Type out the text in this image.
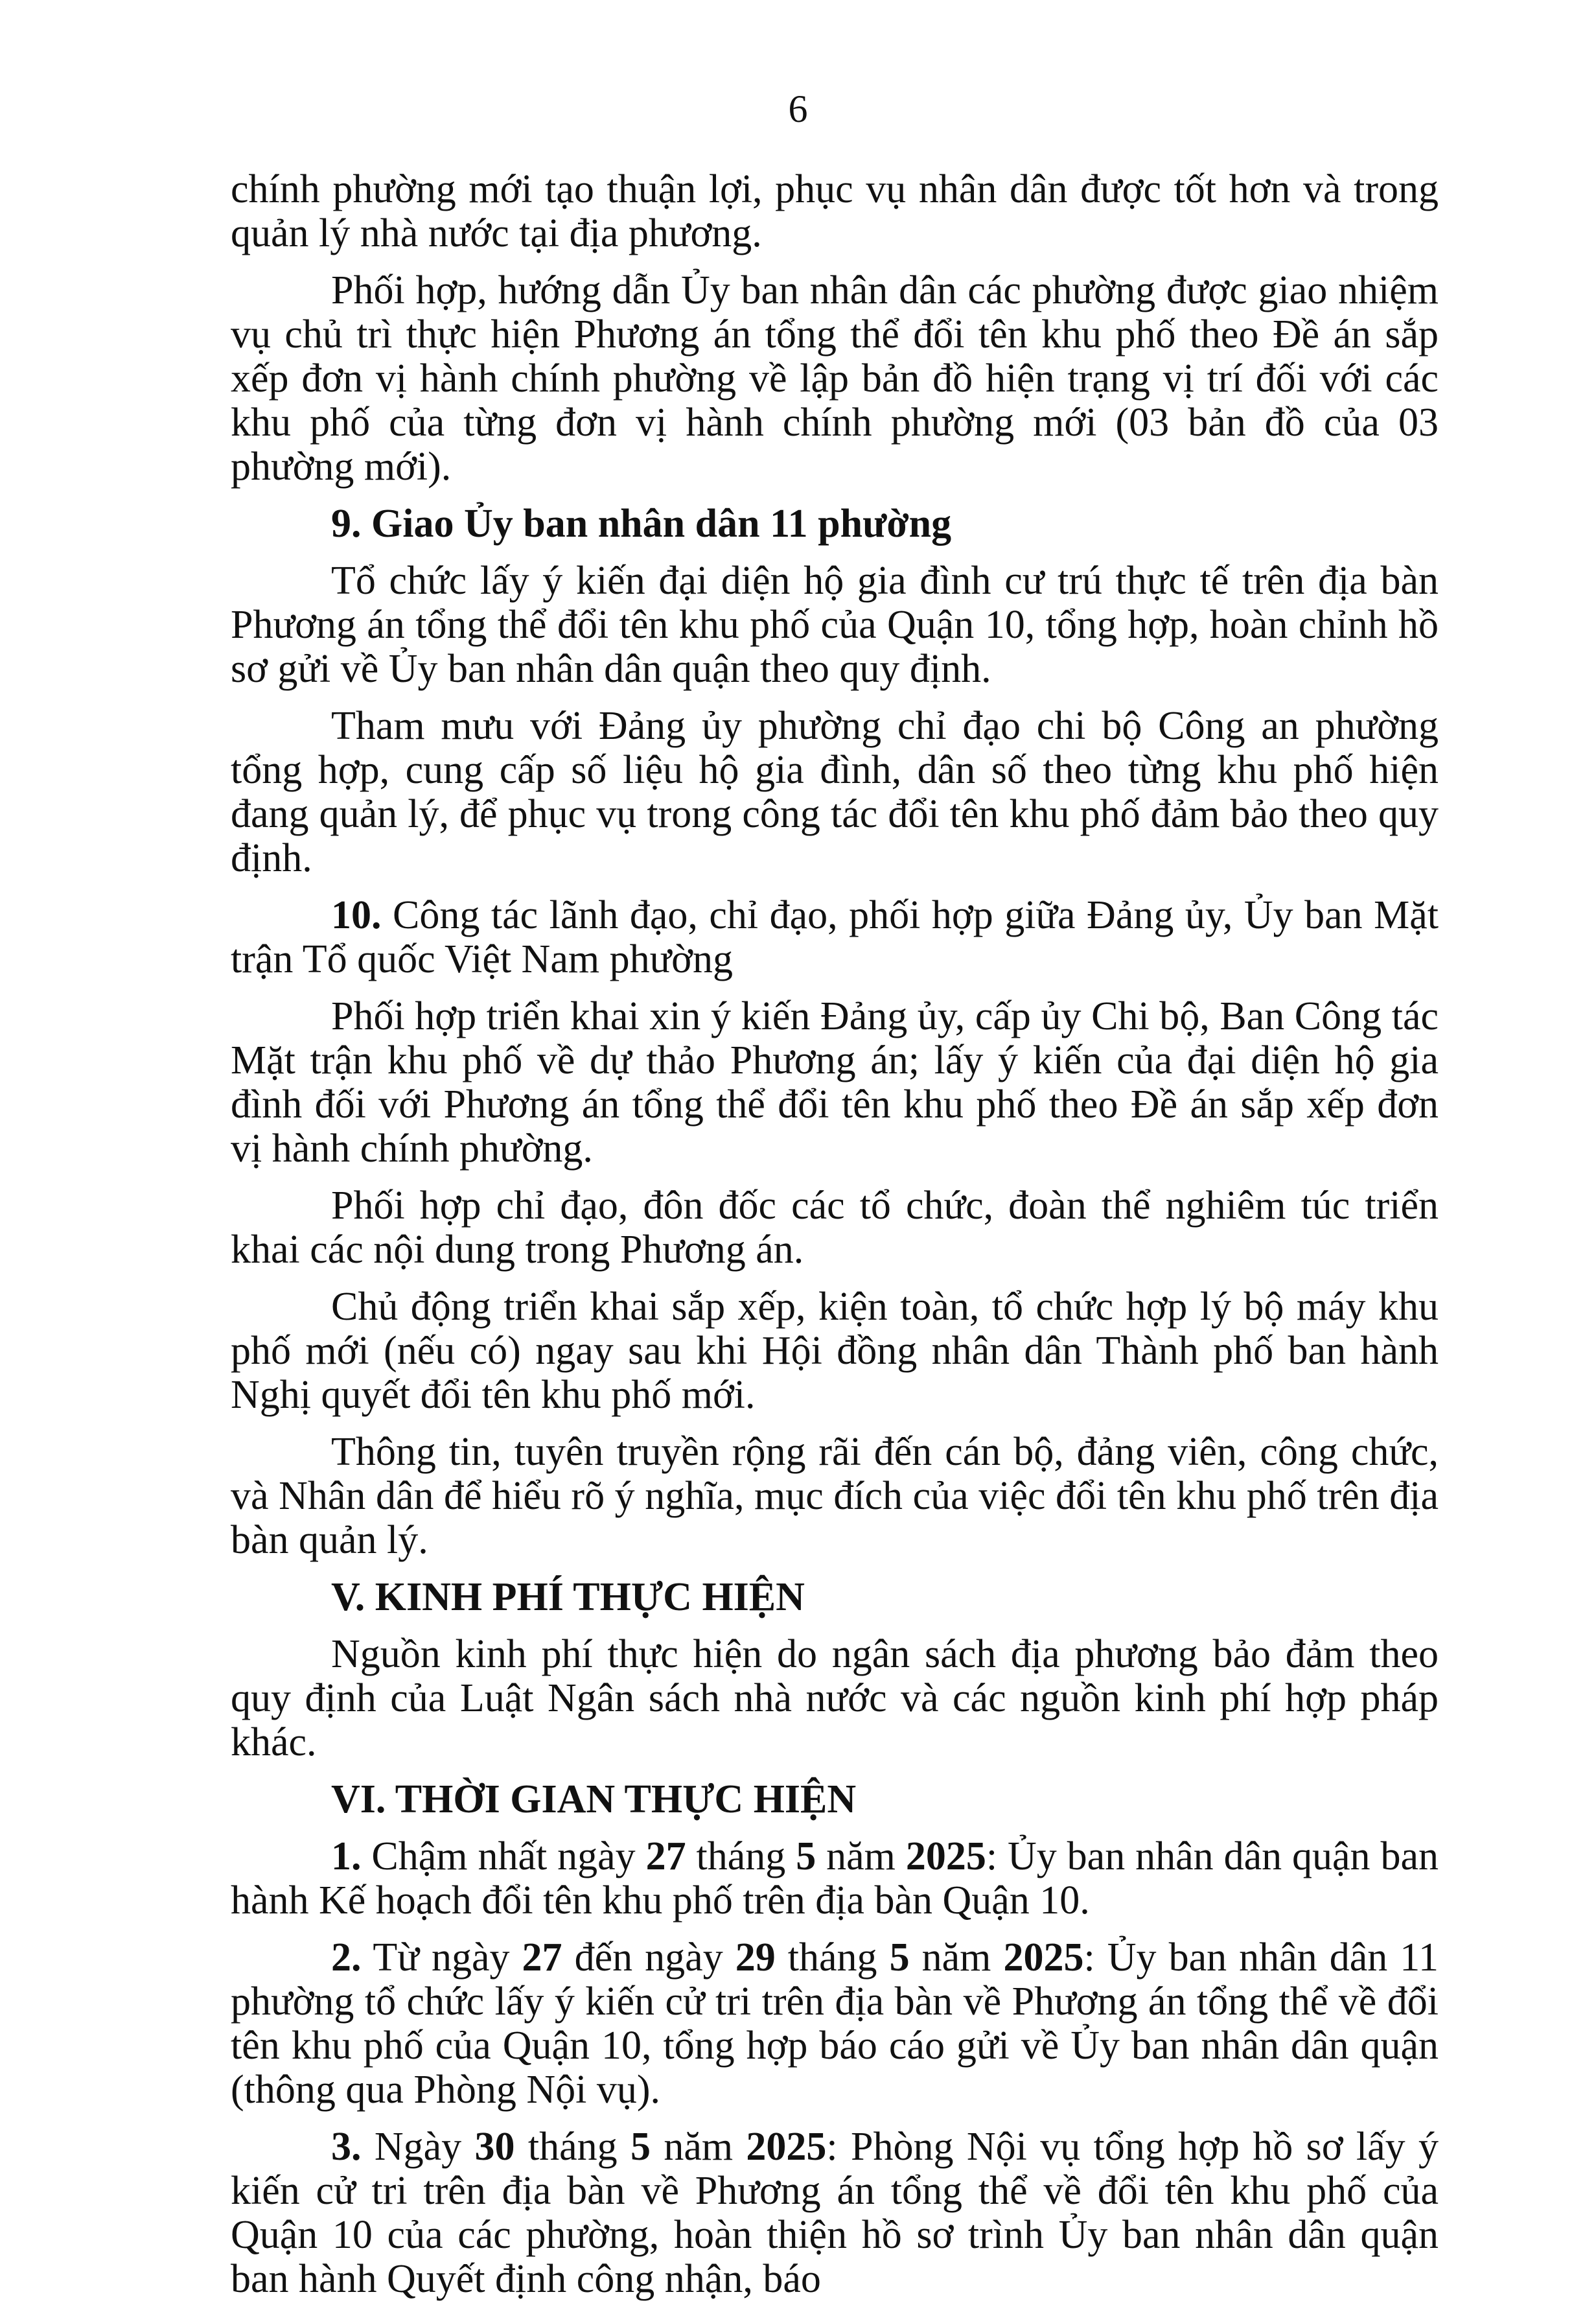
6

chính phường mới tạo thuận lợi, phục vụ nhân dân được tốt hơn và trong quản lý nhà nước tại địa phương.

Phối hợp, hướng dẫn Ủy ban nhân dân các phường được giao nhiệm vụ chủ trì thực hiện Phương án tổng thể đổi tên khu phố theo Đề án sắp xếp đơn vị hành chính phường về lập bản đồ hiện trạng vị trí đối với các khu phố của từng đơn vị hành chính phường mới (03 bản đồ của 03 phường mới).

9. Giao Ủy ban nhân dân 11 phường

Tổ chức lấy ý kiến đại diện hộ gia đình cư trú thực tế trên địa bàn Phương án tổng thể đổi tên khu phố của Quận 10, tổng hợp, hoàn chỉnh hồ sơ gửi về Ủy ban nhân dân quận theo quy định.

Tham mưu với Đảng ủy phường chỉ đạo chi bộ Công an phường tổng hợp, cung cấp số liệu hộ gia đình, dân số theo từng khu phố hiện đang quản lý, để phục vụ trong công tác đổi tên khu phố đảm bảo theo quy định.

10. Công tác lãnh đạo, chỉ đạo, phối hợp giữa Đảng ủy, Ủy ban Mặt trận Tổ quốc Việt Nam phường

Phối hợp triển khai xin ý kiến Đảng ủy, cấp ủy Chi bộ, Ban Công tác Mặt trận khu phố về dự thảo Phương án; lấy ý kiến của đại diện hộ gia đình đối với Phương án tổng thể đổi tên khu phố theo Đề án sắp xếp đơn vị hành chính phường.

Phối hợp chỉ đạo, đôn đốc các tổ chức, đoàn thể nghiêm túc triển khai các nội dung trong Phương án.

Chủ động triển khai sắp xếp, kiện toàn, tổ chức hợp lý bộ máy khu phố mới (nếu có) ngay sau khi Hội đồng nhân dân Thành phố ban hành Nghị quyết đổi tên khu phố mới.

Thông tin, tuyên truyền rộng rãi đến cán bộ, đảng viên, công chức, và Nhân dân để hiểu rõ ý nghĩa, mục đích của việc đổi tên khu phố trên địa bàn quản lý.

V. KINH PHÍ THỰC HIỆN

Nguồn kinh phí thực hiện do ngân sách địa phương bảo đảm theo quy định của Luật Ngân sách nhà nước và các nguồn kinh phí hợp pháp khác.

VI. THỜI GIAN THỰC HIỆN

1. Chậm nhất ngày 27 tháng 5 năm 2025: Ủy ban nhân dân quận ban hành Kế hoạch đổi tên khu phố trên địa bàn Quận 10.

2. Từ ngày 27 đến ngày 29 tháng 5 năm 2025: Ủy ban nhân dân 11 phường tổ chức lấy ý kiến cử tri trên địa bàn về Phương án tổng thể về đổi tên khu phố của Quận 10, tổng hợp báo cáo gửi về Ủy ban nhân dân quận (thông qua Phòng Nội vụ).

3. Ngày 30 tháng 5 năm 2025: Phòng Nội vụ tổng hợp hồ sơ lấy ý kiến cử tri trên địa bàn về Phương án tổng thể về đổi tên khu phố của Quận 10 của các phường, hoàn thiện hồ sơ trình Ủy ban nhân dân quận ban hành Quyết định công nhận, báo
